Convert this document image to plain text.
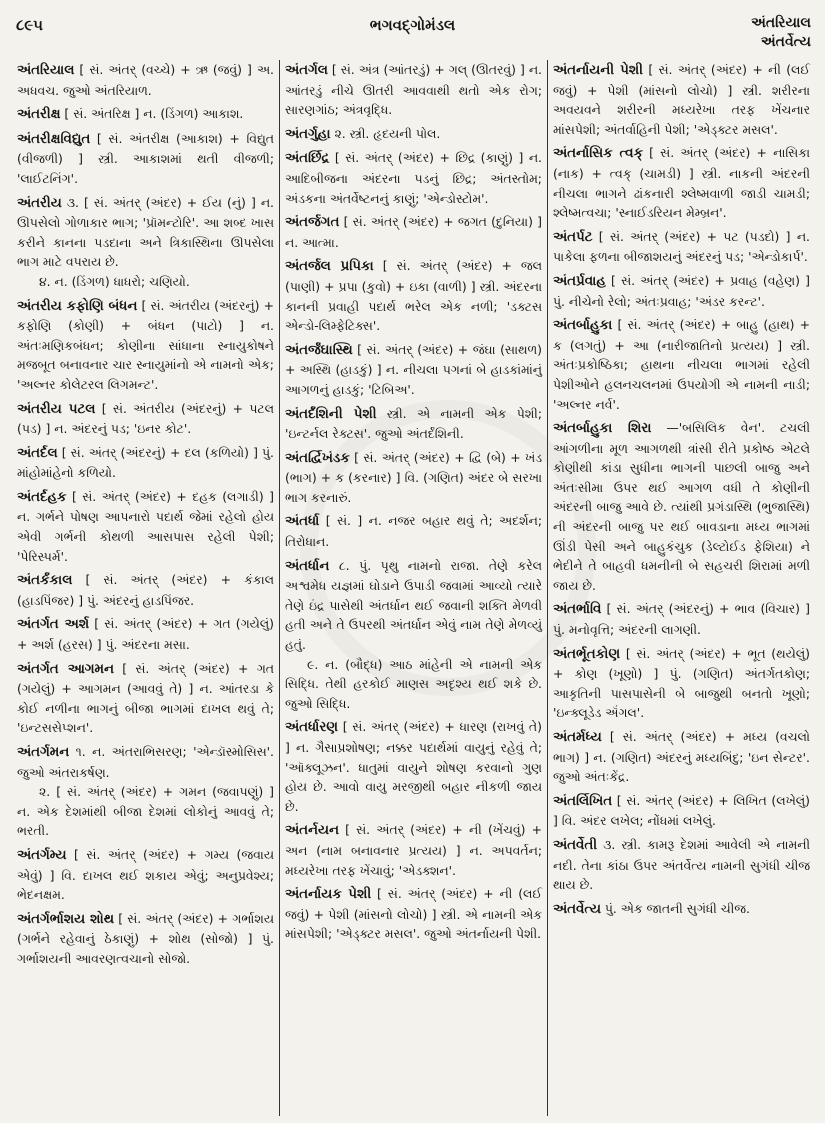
૮૯૫	ભગવદ્ગોમંડલ	અંતરિયાલ
અંતર્વેત્ય

અંતરિયાલ [ સં. અંતર્ (વચ્ચે) + ઋ (જવું) ] અ. અધવચ. જુઓ અંતરિયાળ.

અંતરીક્ષ [ સં. અંતરિક્ષ ] ન. (ડિંગળ) આકાશ.

અંતરીક્ષવિદ્યુત [ સં. અંતરીક્ષ (આકાશ) + વિદ્યુત (વીજળી) ] સ્ત્રી. આકાશમાં થતી વીજળી; 'લાઈટનિંગ'.

અંતરીય ૩. [ સં. અંતર્ (અંદર) + ઈય (નું) ] ન. ઊપસેલો ગોળાકાર ભાગ; 'પ્રૉમન્ટોરિ'. આ શબ્દ ખાસ કરીને કાનના પડદાના અને ત્રિકાસ્થિના ઊપસેલા ભાગ માટે વપરાય છે.
૪. ન. (ડિંગળ) ધાધરો; ચણિયો.

અંતરીય કફોણિ બંધન [ સં. અંતરીય (અંદરનું) + કફોણિ (કોણી) + બંધન (પાટો) ] ન. અંતઃમણિકબંધન; કોણીના સાંધાના સ્નાયુકોષને મજબૂત બનાવનાર ચાર સ્નાયુમાંનો એ નામનો એક; 'અલ્નર કોલેટરલ લિગમન્ટ'.

અંતરીય પટલ [ સં. અંતરીય (અંદરનું) + પટલ (પડ) ] ન. અંદરનું પડ; 'ઇનર કોટ'.

અંતર્દલ [ સં. અંતર્ (અંદરનું) + દલ (કળિયો) ] પું. માંહોમાંહેનો કળિયો.

અંતર્દહક [ સં. અંતર્ (અંદર) + દહક (લગાડી) ] ન. ગર્ભને પોષણ આપનારો પદાર્થ જેમાં રહેલો હોય એવી ગર્ભની કોથળી આસપાસ રહેલી પેશી; 'પેરિસ્પર્મ'.

અંતર્કંકાલ [ સં. અંતર્ (અંદર) + કંકાલ (હાડપિંજર) ] પું. અંદરનું હાડપિંજર.

અંતર્ગત અર્શ [ સં. અંતર્ (અંદર) + ગત (ગયેલું) + અર્શ (હરસ) ] પું. અંદરના મસા.

અંતર્ગત આગમન [ સં. અંતર્ (અંદર) + ગત (ગયેલું) + આગમન (આવવું તે) ] ન. આંતરડા કે કોઈ નળીના ભાગનું બીજા ભાગમાં દાખલ થવું તે; 'ઇન્ટસસેપ્શન'.

અંતર્ગમન ૧. ન. અંતરાભિસરણ; 'એન્ડૉસ્મોસિસ'. જુઓ અંતરાકર્ષણ.
૨. [ સં. અંતર્ (અંદર) + ગમન (જવાપણું) ] ન. એક દેશમાંથી બીજા દેશમાં લોકોનું આવવું તે; ભરતી.

અંતર્ગમ્ય [ સં. અંતર્ (અંદર) + ગમ્ય (જવાય એવું) ] વિ. દાખલ થઈ શકાય એવું; અનુપ્રવેશ્ય; ભેદનક્ષમ.

અંતર્ગર્ભાશય શોથ [ સં. અંતર્ (અંદર) + ગર્ભાશય (ગર્ભને રહેવાનું ઠેકાણું) + શોથ (સોજો) ] પું. ગર્ભાશયની આવરણત્વચાનો સોજો.

અંતર્ગલ [ સં. અંત્ર (આંતરડું) + ગલ્ (ઊતરવું) ] ન. આંતરડું નીચે ઊતરી આવવાથી થતો એક રોગ; સારણગાંઠ; અંત્રવૃદ્ધિ.

અંતર્ગુહા ૨. સ્ત્રી. હૃદયની પોલ.

અંતર્છિદ્ર [ સં. અંતર્ (અંદર) + છિદ્ર (કાણું) ] ન. આદિબીજના અંદરના પડનું છિદ્ર; અંતસ્તોમ; અંડકના અંતર્વેષ્ટનનું કાણું; 'એન્ડોસ્ટોમ'.

અંતર્જગત [ સં. અંતર્ (અંદર) + જગત (દુનિયા) ] ન. આત્મા.

અંતર્જલ પ્રપિકા [ સં. અંતર્ (અંદર) + જલ (પાણી) + પ્રપા (કુવો) + ઇકા (વાળી) ] સ્ત્રી. અંદરના કાનની પ્રવાહી પદાર્થ ભરેલ એક નળી; 'ડક્ટસ એન્ડો-લિમ્ફેટિક્સ'.

અંતર્જંઘાસ્થિ [ સં. અંતર્ (અંદર) + જંઘા (સાથળ) + અસ્થિ (હાડકું) ] ન. નીચલા પગનાં બે હાડકાંમાંનું આગળનું હાડકું; 'ટિબિઅ'.

અંતર્દંશિની પેશી સ્ત્રી. એ નામની એક પેશી; 'ઇન્ટર્નલ રેક્ટસ'. જુઓ અંતર્દંશિની.

અંતર્દ્વિખંડક [ સં. અંતર્ (અંદર) + દ્વિ (બે) + ખંડ (ભાગ) + ક (કરનાર) ] વિ. (ગણિત) અંદર બે સરખા ભાગ કરનારું.

અંતર્ધા [ સં. ] ન. નજર બહાર થવું તે; અદર્શન; તિરોધાન.

અંતર્ધાન ૮. પું. પૃથુ નામનો રાજા. તેણે કરેલ અશ્વમેધ યજ્ઞમાં ઘોડાને ઉપાડી જવામાં આવ્યો ત્યારે તેણે ઇંદ્ર પાસેથી અંતર્ધાન થઈ જવાની શક્તિ મેળવી હતી અને તે ઉપરથી અંતર્ધાન એવું નામ તેણે મેળવ્યું હતું.
૯. ન. (બૌદ્ધ) આઠ માંહેની એ નામની એક સિદ્ધિ. તેથી હરકોઈ માણસ અદૃશ્ય થઈ શકે છે. જુઓ સિદ્ધિ.

અંતર્ધારણ [ સં. અંતર્ (અંદર) + ધારણ (રાખવું તે) ] ન. ગૈસાપ્રશોષણ; નક્કર પદાર્થમાં વાયુનું રહેવું તે; 'ઑક્લૂઝન'. ધાતુમાં વાયુને શોષણ કરવાનો ગુણ હોય છે. આવો વાયુ મરજીથી બહાર નીકળી જાય છે.

અંતર્નયન [ સં. અંતર્ (અંદર) + ની (ખેંચવું) + અન (નામ બનાવનાર પ્રત્યય) ] ન. અપવર્તન; મધ્યરેખા તરફ ખેંચાવું; 'એડક્શન'.

અંતર્નાયક પેશી [ સં. અંતર્ (અંદર) + ની (લઈ જવું) + પેશી (માંસનો લોચો) ] સ્ત્રી. એ નામની એક માંસપેશી; 'એડ્ક્ટર મસલ'. જુઓ અંતર્નાયની પેશી.

અંતર્નાયની પેશી [ સં. અંતર્ (અંદર) + ની (લઈ જવું) + પેશી (માંસનો લોચો) ] સ્ત્રી. શરીરના અવયવને શરીરની મધ્યરેખા તરફ ખેંચનાર માંસપેશી; અંતર્વાહિની પેશી; 'એડ્ક્ટર મસલ'.

અંતર્નાસિક ત્વક્ [ સં. અંતર્ (અંદર) + નાસિકા (નાક) + ત્વક્ (ચામડી) ] સ્ત્રી. નાકની અંદરની નીચલા ભાગને ઢાંકનારી શ્લેષ્મવાળી જાડી ચામડી; શ્લેષ્મત્વચા; 'સ્નાઈડરિયન મેમ્બ્રન'.

અંતર્પટ [ સં. અંતર્ (અંદર) + પટ (પડદો) ] ન. પાકેલા ફળના બીજાશયનું અંદરનું પડ; 'એન્ડોકાર્પ'.

અંતર્પ્રવાહ [ સં. અંતર્ (અંદર) + પ્રવાહ (વહેણ) ] પું. નીચેનો રેલો; અંતઃપ્રવાહ; 'અંડર કરન્ટ'.

અંતર્બાહુકા [ સં. અંતર્ (અંદર) + બાહુ (હાથ) + ક (લગતું) + આ (નારીજાતિનો પ્રત્યય) ] સ્ત્રી. અંતઃપ્રકોષ્ઠિકા; હાથના નીચલા ભાગમાં રહેલી પેશીઓને હલનચલનમાં ઉપયોગી એ નામની નાડી; 'અલ્નર નર્વ'.

અંતર્બાહુકા શિરા —'બસિલિક વેન'. ટચલી આંગળીના મૂળ આગળથી ત્રાંસી રીતે પ્રકોષ્ઠ એટલે કોણીથી કાંડા સુધીના ભાગની પાછલી બાજુ અને અંતઃસીમા ઉપર થઈ આગળ વધી તે કોણીની અંદરની બાજુ આવે છે. ત્યાંથી પ્રગંડાસ્થિ (ભુજાસ્થિ) ની અંદરની બાજુ પર થઈ બાવડાના મધ્ય ભાગમાં ઊંડી પેસી અને બાહુકંચુક (ડેલ્ટોઈડ ફેશિયા) ને ભેદીને તે બાહવી ધમનીની બે સહચરી શિરામાં મળી જાય છે.

અંતર્ભાવિ [ સં. અંતર્ (અંદરનું) + ભાવ (વિચાર) ] પું. મનોવૃત્તિ; અંદરની લાગણી.

અંતર્ભૂતકોણ [ સં. અંતર્ (અંદર) + ભૂત (થયેલું) + કોણ (ખૂણો) ] પું. (ગણિત) અંતર્ગતકોણ; આકૃતિની પાસપાસેની બે બાજુથી બનતો ખૂણો; 'ઇન્ક્લૂડેડ ઍંગલ'.

અંતર્મધ્ય [ સં. અંતર્ (અંદર) + મધ્ય (વચલો ભાગ) ] ન. (ગણિત) અંદરનું મધ્યબિંદુ; 'ઇન સેન્ટર'. જુઓ અંતઃકેંદ્ર.

અંતર્લિખિત [ સં. અંતર્ (અંદર) + લિખિત (લખેલું) ] વિ. અંદર લખેલ; નોંધમાં લખેલું.

અંતર્વેતી ૩. સ્ત્રી. કામરૂ દેશમાં આવેલી એ નામની નદી. તેના કાંઠા ઉપર અંતર્વેત્ય નામની સુગંધી ચીજ થાય છે.

અંતર્વેત્ય પું. એક જાતની સુગંધી ચીજ.
